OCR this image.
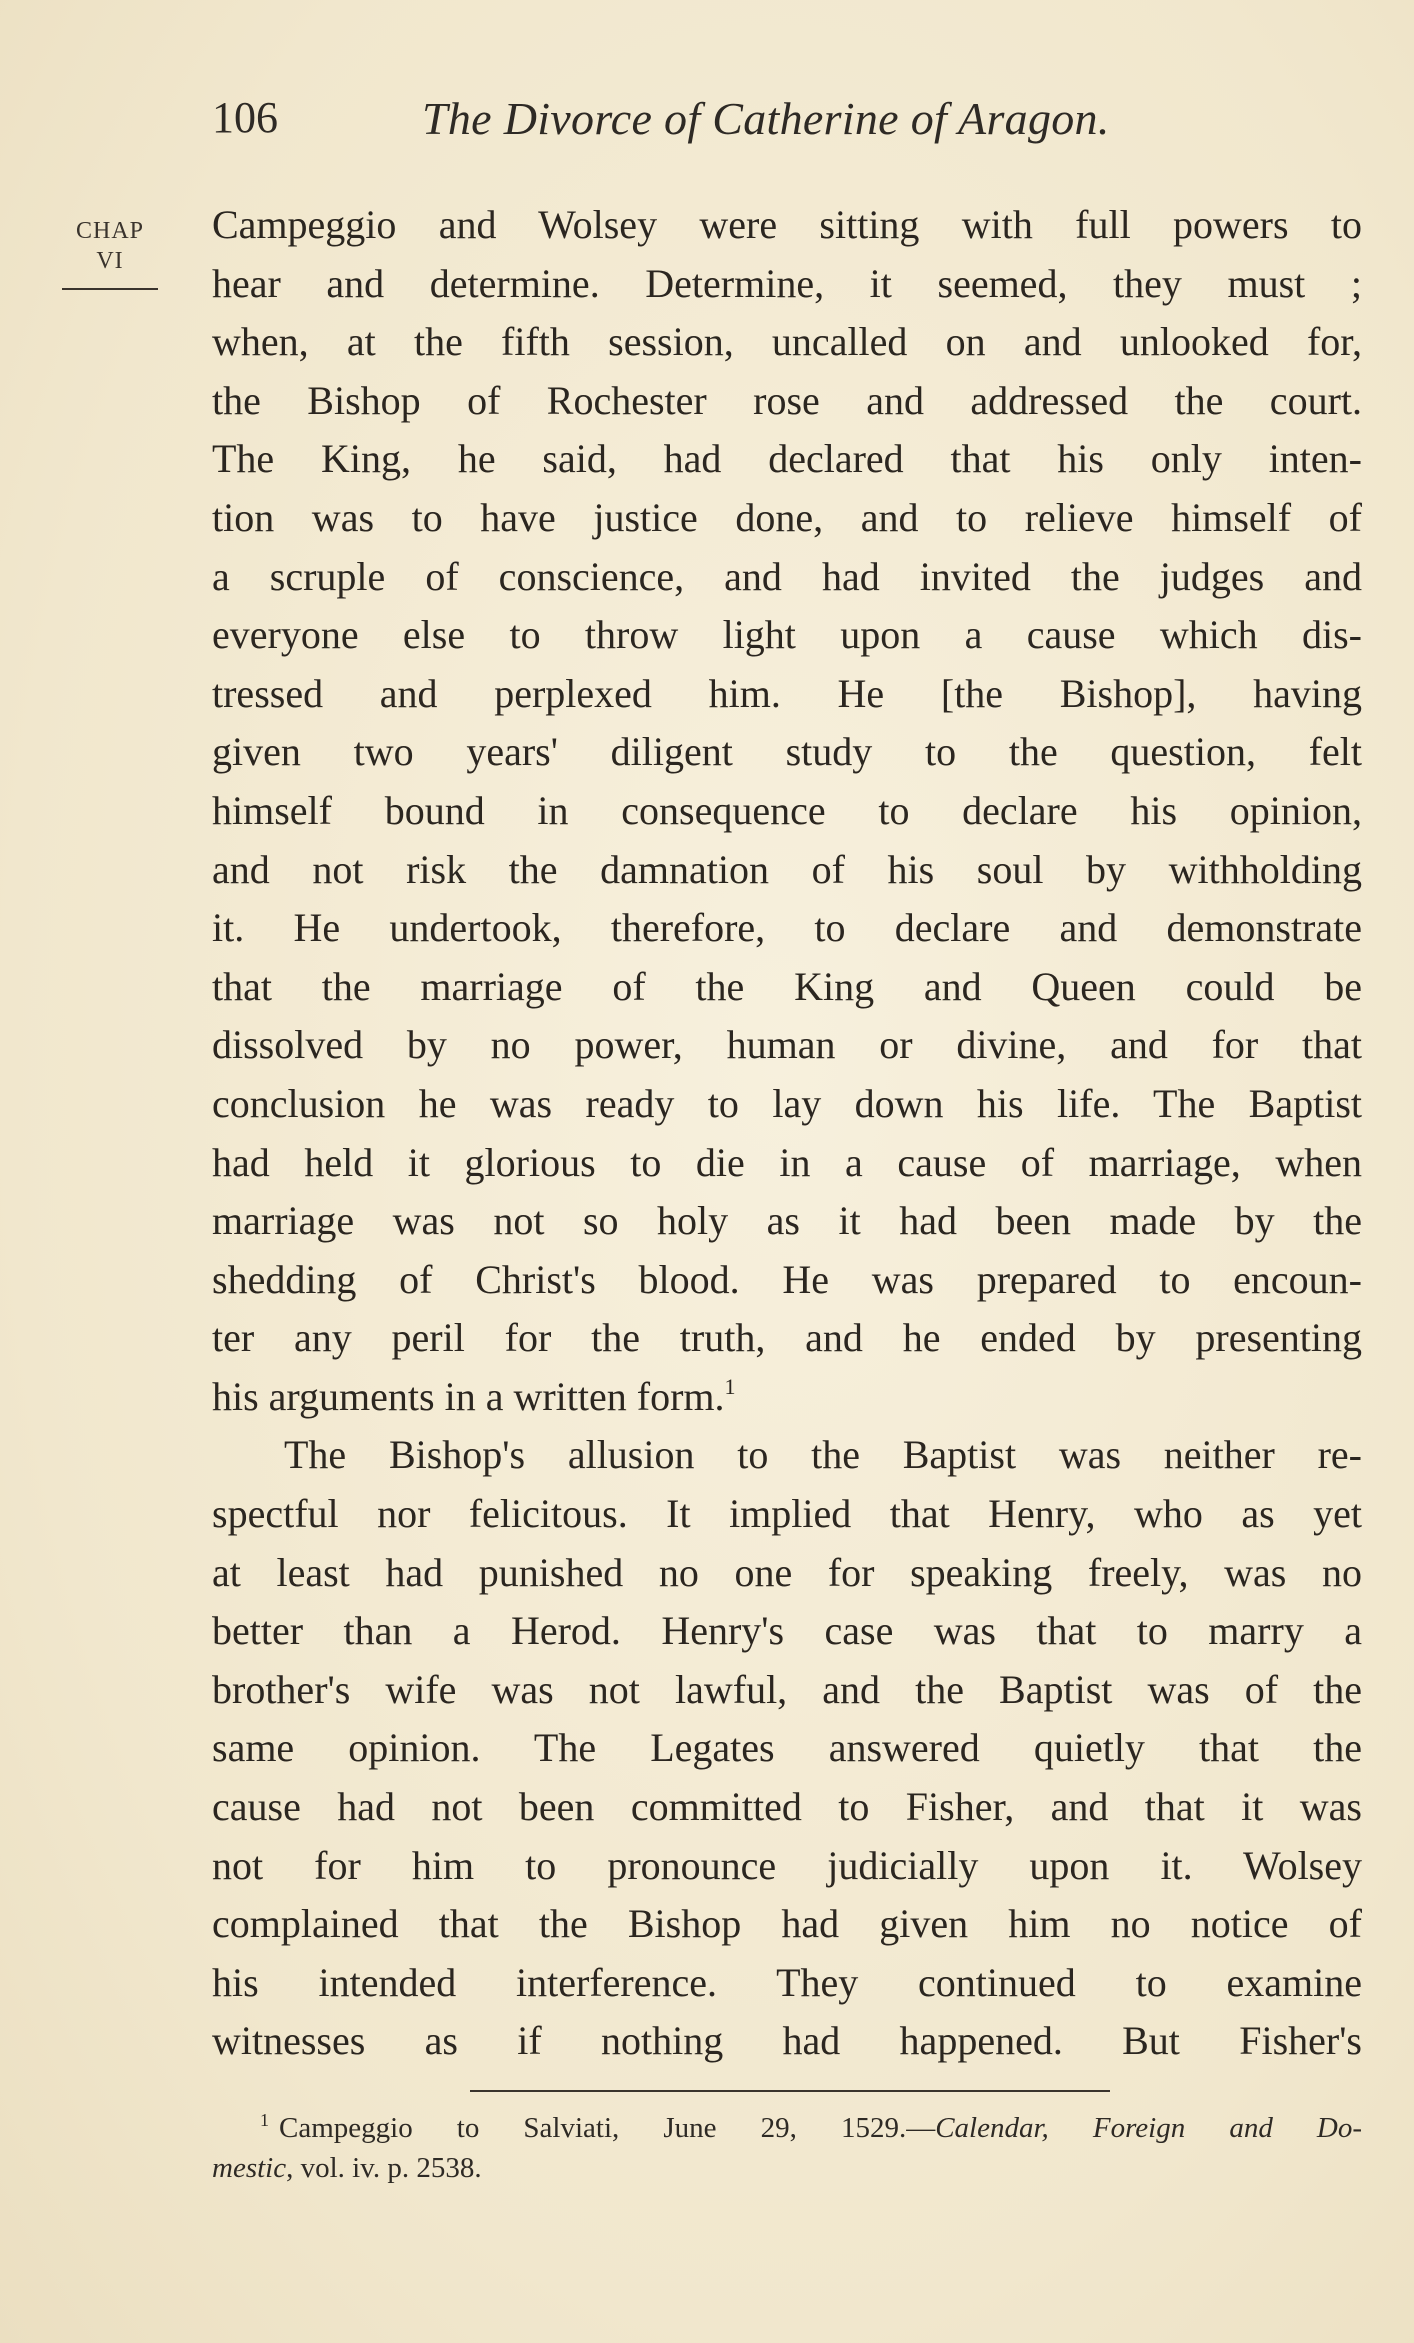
106	The Divorce of Catherine of Aragon.
CHAP
VI
Campeggio and Wolsey were sitting with full powers to
hear and determine. Determine, it seemed, they must ;
when, at the fifth session, uncalled on and unlooked for,
the Bishop of Rochester rose and addressed the court.
The King, he said, had declared that his only inten-
tion was to have justice done, and to relieve himself of
a scruple of conscience, and had invited the judges and
everyone else to throw light upon a cause which dis-
tressed and perplexed him. He [the Bishop], having
given two years' diligent study to the question, felt
himself bound in consequence to declare his opinion,
and not risk the damnation of his soul by withholding
it. He undertook, therefore, to declare and demonstrate
that the marriage of the King and Queen could be
dissolved by no power, human or divine, and for that
conclusion he was ready to lay down his life. The Baptist
had held it glorious to die in a cause of marriage, when
marriage was not so holy as it had been made by the
shedding of Christ's blood. He was prepared to encoun-
ter any peril for the truth, and he ended by presenting
his arguments in a written form.$^1$
The Bishop's allusion to the Baptist was neither re-
spectful nor felicitous. It implied that Henry, who as yet
at least had punished no one for speaking freely, was no
better than a Herod. Henry's case was that to marry a
brother's wife was not lawful, and the Baptist was of the
same opinion. The Legates answered quietly that the
cause had not been committed to Fisher, and that it was
not for him to pronounce judicially upon it. Wolsey
complained that the Bishop had given him no notice of
his intended interference. They continued to examine
witnesses as if nothing had happened. But Fisher's
$^1$ Campeggio to Salviati, June 29, 1529.—Calendar, Foreign and Do-
mestic, vol. iv. p. 2538.
